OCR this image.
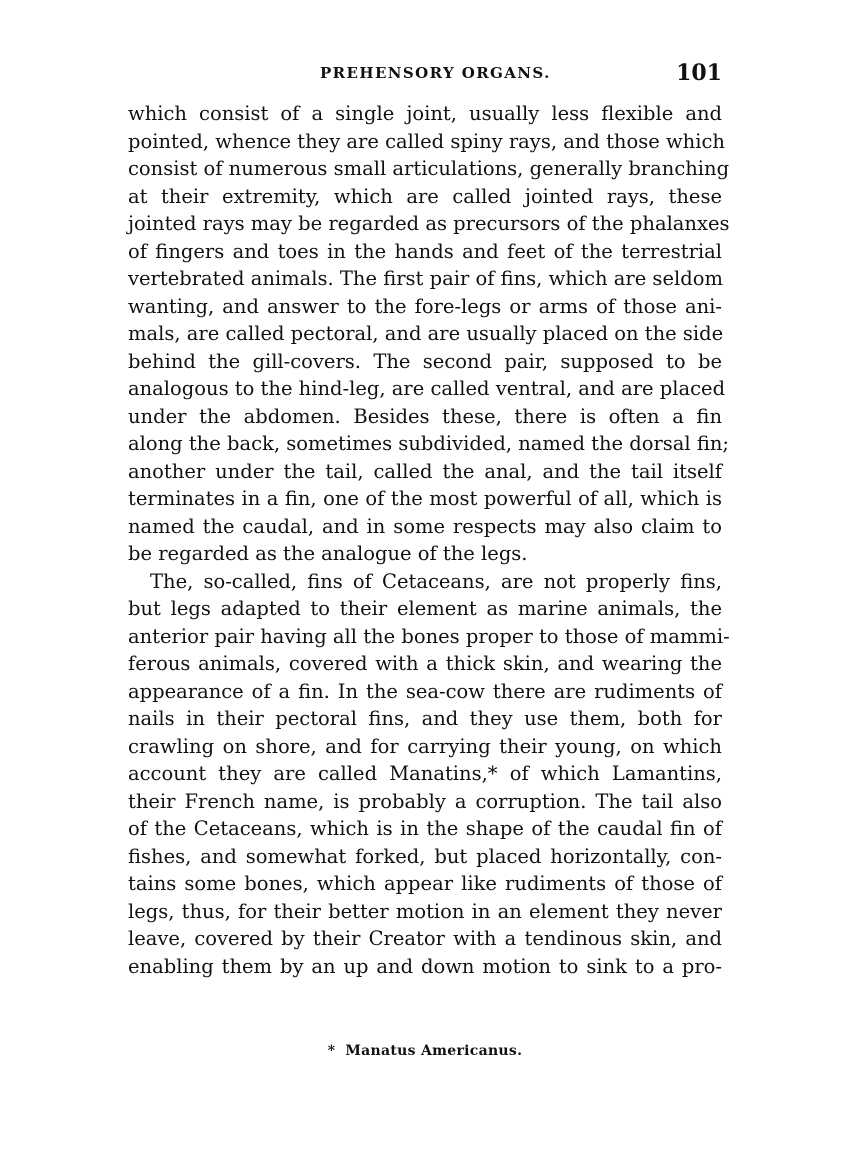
PREHENSORY ORGANS.	101
which consist of a single joint, usually less flexible and
pointed, whence they are called spiny rays, and those which
consist of numerous small articulations, generally branching
at their extremity, which are called jointed rays, these
jointed rays may be regarded as precursors of the phalanxes
of fingers and toes in the hands and feet of the terrestrial
vertebrated animals. The first pair of fins, which are seldom
wanting, and answer to the fore-legs or arms of those ani-
mals, are called pectoral, and are usually placed on the side
behind the gill-covers. The second pair, supposed to be
analogous to the hind-leg, are called ventral, and are placed
under the abdomen. Besides these, there is often a fin
along the back, sometimes subdivided, named the dorsal fin;
another under the tail, called the anal, and the tail itself
terminates in a fin, one of the most powerful of all, which is
named the caudal, and in some respects may also claim to
be regarded as the analogue of the legs.
The, so-called, fins of Cetaceans, are not properly fins,
but legs adapted to their element as marine animals, the
anterior pair having all the bones proper to those of mammi-
ferous animals, covered with a thick skin, and wearing the
appearance of a fin. In the sea-cow there are rudiments of
nails in their pectoral fins, and they use them, both for
crawling on shore, and for carrying their young, on which
account they are called Manatins,* of which Lamantins,
their French name, is probably a corruption. The tail also
of the Cetaceans, which is in the shape of the caudal fin of
fishes, and somewhat forked, but placed horizontally, con-
tains some bones, which appear like rudiments of those of
legs, thus, for their better motion in an element they never
leave, covered by their Creator with a tendinous skin, and
enabling them by an up and down motion to sink to a pro-
* Manatus Americanus.
